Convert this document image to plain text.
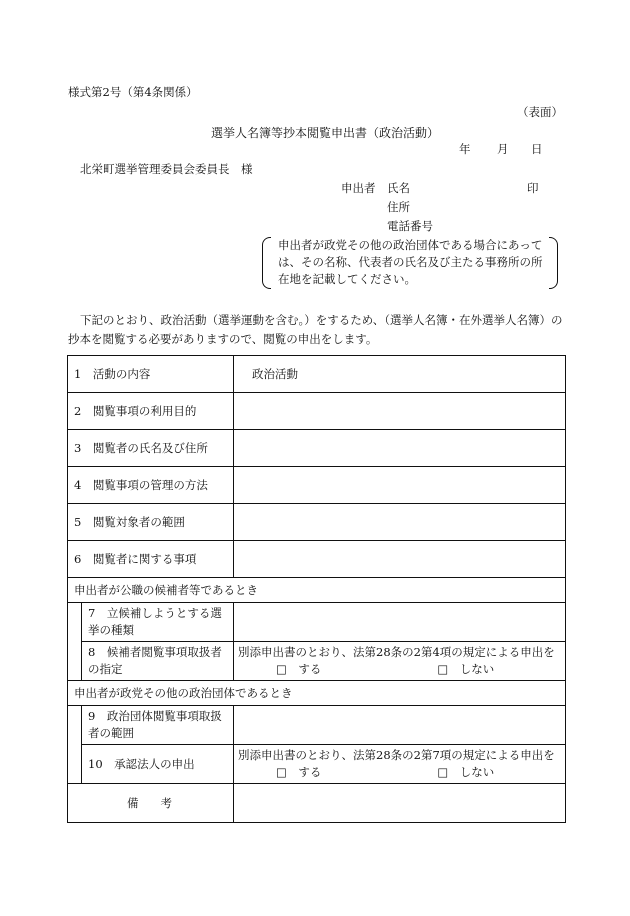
様式第2号（第4条関係）
（表面）
選挙人名簿等抄本閲覧申出書（政治活動）
年 月 日
北栄町選挙管理委員会委員長　様
申出者 氏名	印
住所
電話番号
申出者が政党その他の政治団体である場合にあっては、その名称、代表者の氏名及び主たる事務所の所在地を記載してください。
下記のとおり、政治活動（選挙運動を含む。）をするため、（選挙人名簿・在外選挙人名簿）の抄本を閲覧する必要がありますので、閲覧の申出をします。
1　活動の内容		政治活動
2　閲覧事項の利用目的		
3　閲覧者の氏名及び住所		
4　閲覧事項の管理の方法		
5　閲覧対象者の範囲		
6　閲覧者に関する事項		
申出者が公職の候補者等であるとき		
	7　立候補しようとする選挙の種類	
	8　候補者閲覧事項取扱者の指定	別添申出書のとおり、法第28条の2第4項の規定による申出を
□　する □　しない

申出者が政党その他の政治団体であるとき		
	9　政治団体閲覧事項取扱者の範囲	
	10　承認法人の申出	別添申出書のとおり、法第28条の2第7項の規定による申出を
□　する □　しない

備考		
